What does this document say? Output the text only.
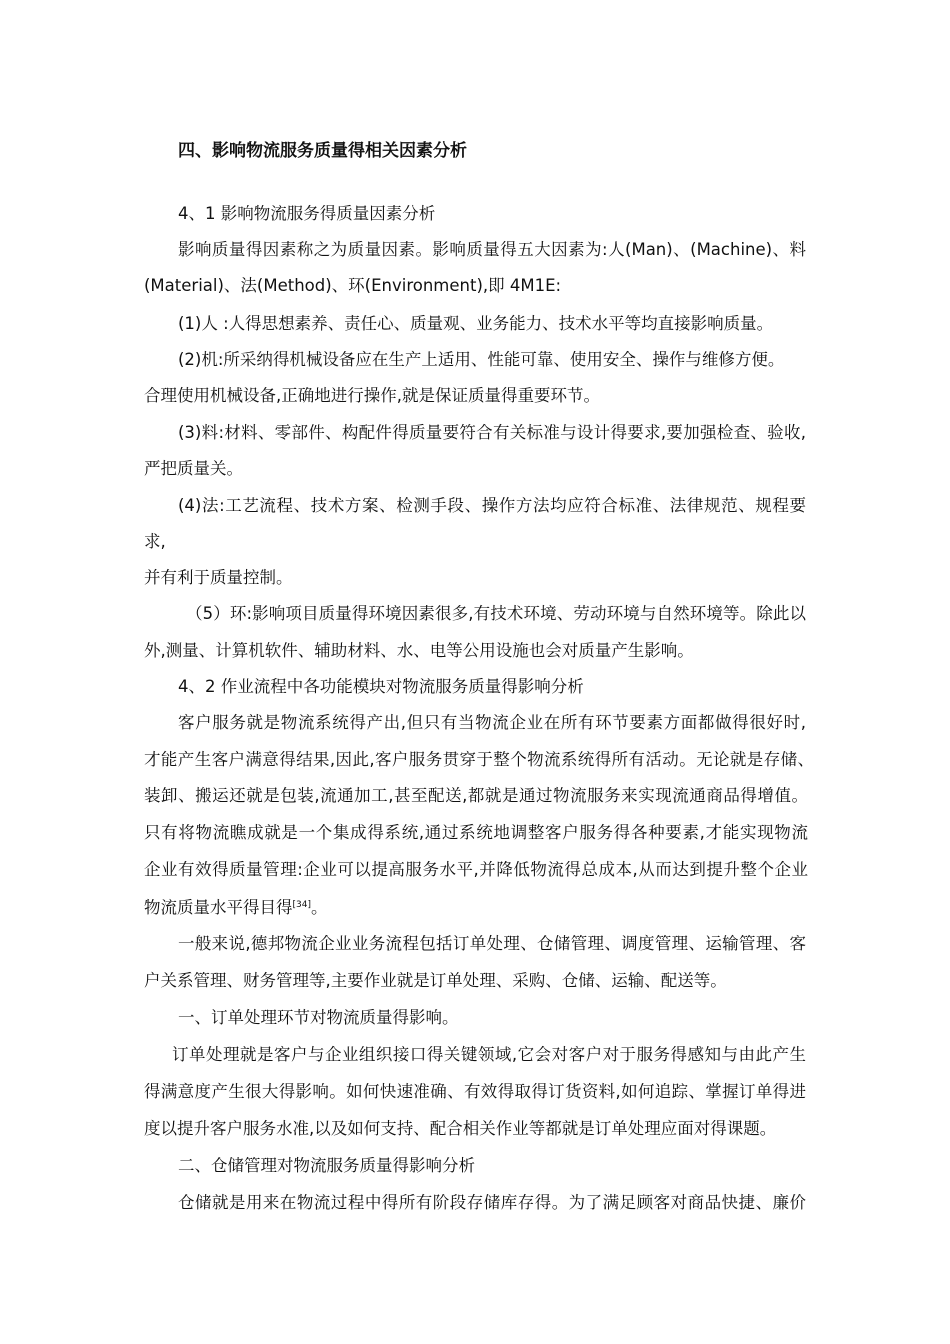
四、影响物流服务质量得相关因素分析

4、1 影响物流服务得质量因素分析

影响质量得因素称之为质量因素。影响质量得五大因素为:人(Man)、(Machine)、料

(Material)、法(Method)、环(Environment),即 4M1E:

(1)人 :人得思想素养、责任心、质量观、业务能力、技术水平等均直接影响质量。

(2)机:所采纳得机械设备应在生产上适用、性能可靠、使用安全、操作与维修方便。

合理使用机械设备,正确地进行操作,就是保证质量得重要环节。

(3)料:材料、零部件、构配件得质量要符合有关标准与设计得要求,要加强检查、验收,

严把质量关。

(4)法:工艺流程、技术方案、检测手段、操作方法均应符合标准、法律规范、规程要

求,

并有利于质量控制。

（5）环:影响项目质量得环境因素很多,有技术环境、劳动环境与自然环境等。除此以

外,测量、计算机软件、辅助材料、水、电等公用设施也会对质量产生影响。

4、2 作业流程中各功能模块对物流服务质量得影响分析

客户服务就是物流系统得产出,但只有当物流企业在所有环节要素方面都做得很好时,

才能产生客户满意得结果,因此,客户服务贯穿于整个物流系统得所有活动。无论就是存储、

装卸、搬运还就是包装,流通加工,甚至配送,都就是通过物流服务来实现流通商品得增值。

只有将物流瞧成就是一个集成得系统,通过系统地调整客户服务得各种要素,才能实现物流

企业有效得质量管理:企业可以提高服务水平,并降低物流得总成本,从而达到提升整个企业

物流质量水平得目得[34]。

一般来说,德邦物流企业业务流程包括订单处理、仓储管理、调度管理、运输管理、客

户关系管理、财务管理等,主要作业就是订单处理、采购、仓储、运输、配送等。

一、订单处理环节对物流质量得影响。

订单处理就是客户与企业组织接口得关键领域,它会对客户对于服务得感知与由此产生

得满意度产生很大得影响。如何快速准确、有效得取得订货资料,如何追踪、掌握订单得进

度以提升客户服务水准,以及如何支持、配合相关作业等都就是订单处理应面对得课题。

二、仓储管理对物流服务质量得影响分析

仓储就是用来在物流过程中得所有阶段存储库存得。为了满足顾客对商品快捷、廉价
